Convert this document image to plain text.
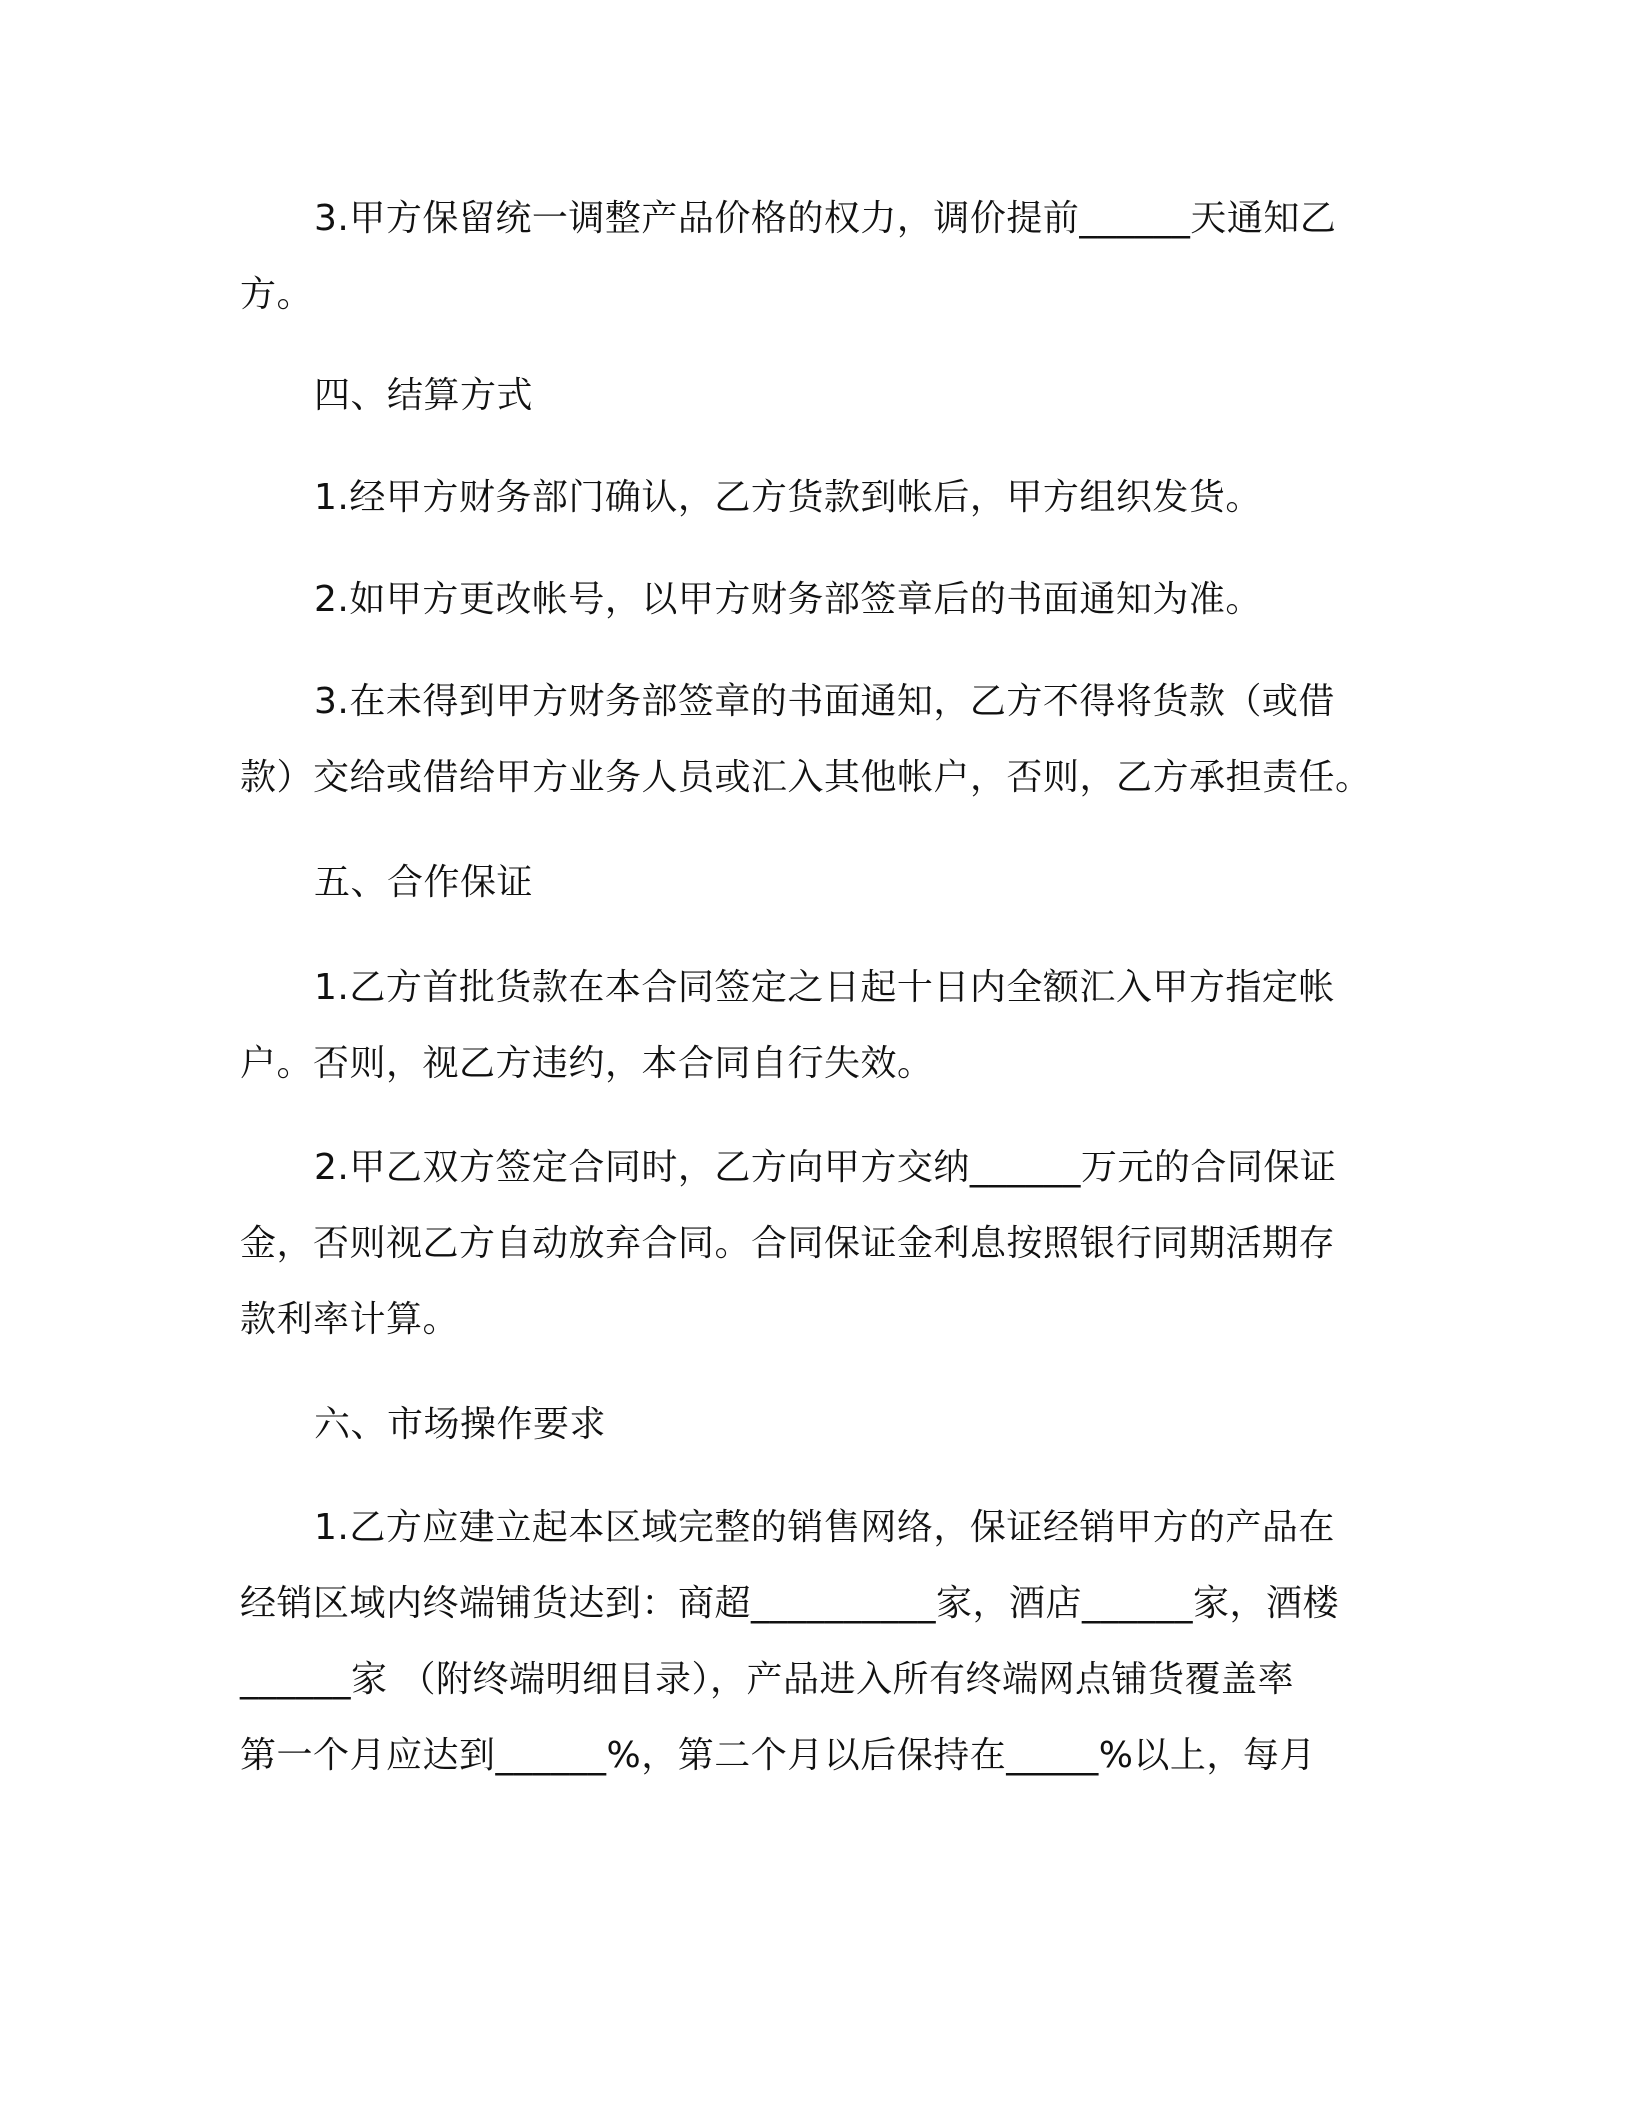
3.甲方保留统一调整产品价格的权力，调价提前______天通知乙
方。
四、结算方式
1.经甲方财务部门确认，乙方货款到帐后，甲方组织发货。
2.如甲方更改帐号，以甲方财务部签章后的书面通知为准。
3.在未得到甲方财务部签章的书面通知，乙方不得将货款（或借
款）交给或借给甲方业务人员或汇入其他帐户，否则，乙方承担责任。
五、合作保证
1.乙方首批货款在本合同签定之日起十日内全额汇入甲方指定帐
户。否则，视乙方违约，本合同自行失效。
2.甲乙双方签定合同时，乙方向甲方交纳______万元的合同保证
金，否则视乙方自动放弃合同。合同保证金利息按照银行同期活期存
款利率计算。
六、市场操作要求
1.乙方应建立起本区域完整的销售网络，保证经销甲方的产品在
经销区域内终端铺货达到：商超__________家，酒店______家，酒楼
______家 （附终端明细目录），产品进入所有终端网点铺货覆盖率
第一个月应达到______%，第二个月以后保持在_____%以上，每月
